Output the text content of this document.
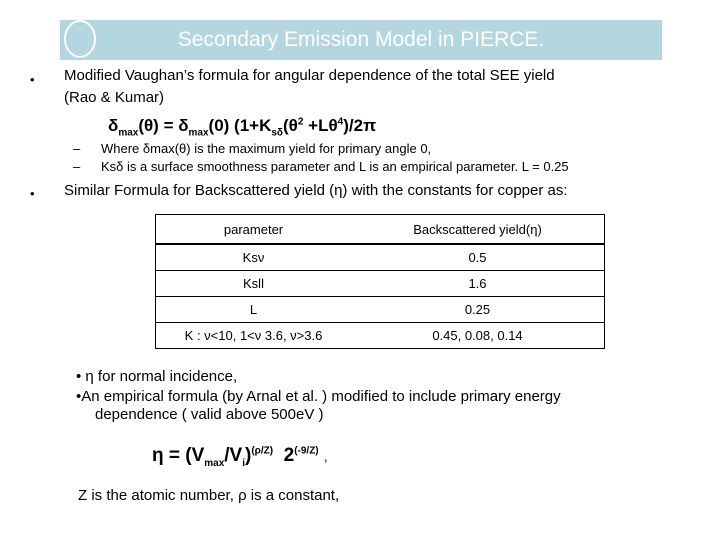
Secondary Emission Model in PIERCE.
• Modified Vaughan’s formula for angular dependence of the total SEE yield
(Rao & Kumar)
$\delta_{max}(\theta) = \delta_{max}(0)$ ($1+K_{s\delta}(\theta^2 +L\theta^4)/2\pi$
– Where δmax(θ) is the maximum yield for primary angle 0,
– Ksδ is a surface smoothness parameter and L is an empirical parameter. L = 0.25
• Similar Formula for Backscattered yield (η) with the constants for copper as:
parameter	Backscattered yield(η)
Ksν	0.5
Ksll	1.6
L	0.25
K : ν<10, 1<ν 3.6, ν>3.6	0.45, 0.08, 0.14
• η for normal incidence,
•An empirical formula (by Arnal et al. ) modified to include primary energy
dependence ( valid above 500eV )
$\eta = (V_{max}/V_i)^{(\rho/Z)}$  $2^{(-9/Z)}$ ,
Z is the atomic number, ρ is a constant,
